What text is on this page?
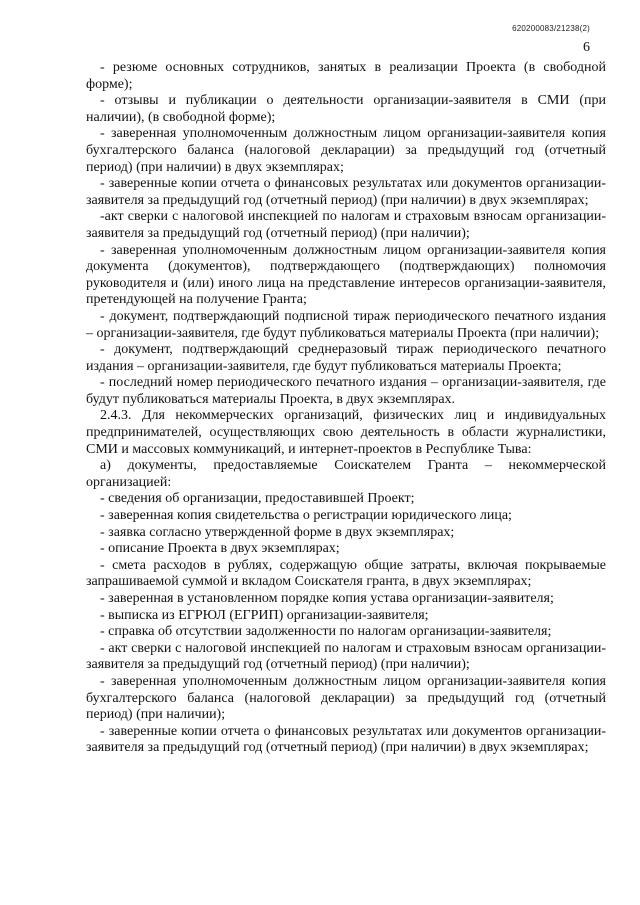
620200083/21238(2)
6

- резюме основных сотрудников, занятых в реализации Проекта (в свободной форме);

- отзывы и публикации о деятельности организации-заявителя в СМИ (при наличии), (в свободной форме);

- заверенная уполномоченным должностным лицом организации-заявителя копия бухгалтерского баланса (налоговой декларации) за предыдущий год (отчетный период) (при наличии) в двух экземплярах;

- заверенные копии отчета о финансовых результатах или документов организации-заявителя за предыдущий год (отчетный период) (при наличии) в двух экземплярах;

-акт сверки с налоговой инспекцией по налогам и страховым взносам организации-заявителя за предыдущий год (отчетный период) (при наличии);

- заверенная уполномоченным должностным лицом организации-заявителя копия документа (документов), подтверждающего (подтверждающих) полномочия руководителя и (или) иного лица на представление интересов организации-заявителя, претендующей на получение Гранта;

- документ, подтверждающий подписной тираж периодического печатного издания – организации-заявителя, где будут публиковаться материалы Проекта (при наличии);

- документ, подтверждающий среднеразовый тираж периодического печатного издания – организации-заявителя, где будут публиковаться материалы Проекта;

- последний номер периодического печатного издания – организации-заявителя, где будут публиковаться материалы Проекта, в двух экземплярах.

2.4.3. Для некоммерческих организаций, физических лиц и индивидуальных предпринимателей, осуществляющих свою деятельность в области журналистики, СМИ и массовых коммуникаций, и интернет-проектов в Республике Тыва:

а) документы, предоставляемые Соискателем Гранта – некоммерческой организацией:

- сведения об организации, предоставившей Проект;

- заверенная копия свидетельства о регистрации юридического лица;

- заявка согласно утвержденной форме в двух экземплярах;

- описание Проекта в двух экземплярах;

- смета расходов в рублях, содержащую общие затраты, включая покрываемые запрашиваемой суммой и вкладом Соискателя гранта, в двух экземплярах;

- заверенная в установленном порядке копия устава организации-заявителя;

- выписка из ЕГРЮЛ (ЕГРИП) организации-заявителя;

- справка об отсутствии задолженности по налогам организации-заявителя;

- акт сверки с налоговой инспекцией по налогам и страховым взносам организации-заявителя за предыдущий год (отчетный период) (при наличии);

- заверенная уполномоченным должностным лицом организации-заявителя копия бухгалтерского баланса (налоговой декларации) за предыдущий год (отчетный период) (при наличии);

- заверенные копии отчета о финансовых результатах или документов организации-заявителя за предыдущий год (отчетный период) (при наличии) в двух экземплярах;
